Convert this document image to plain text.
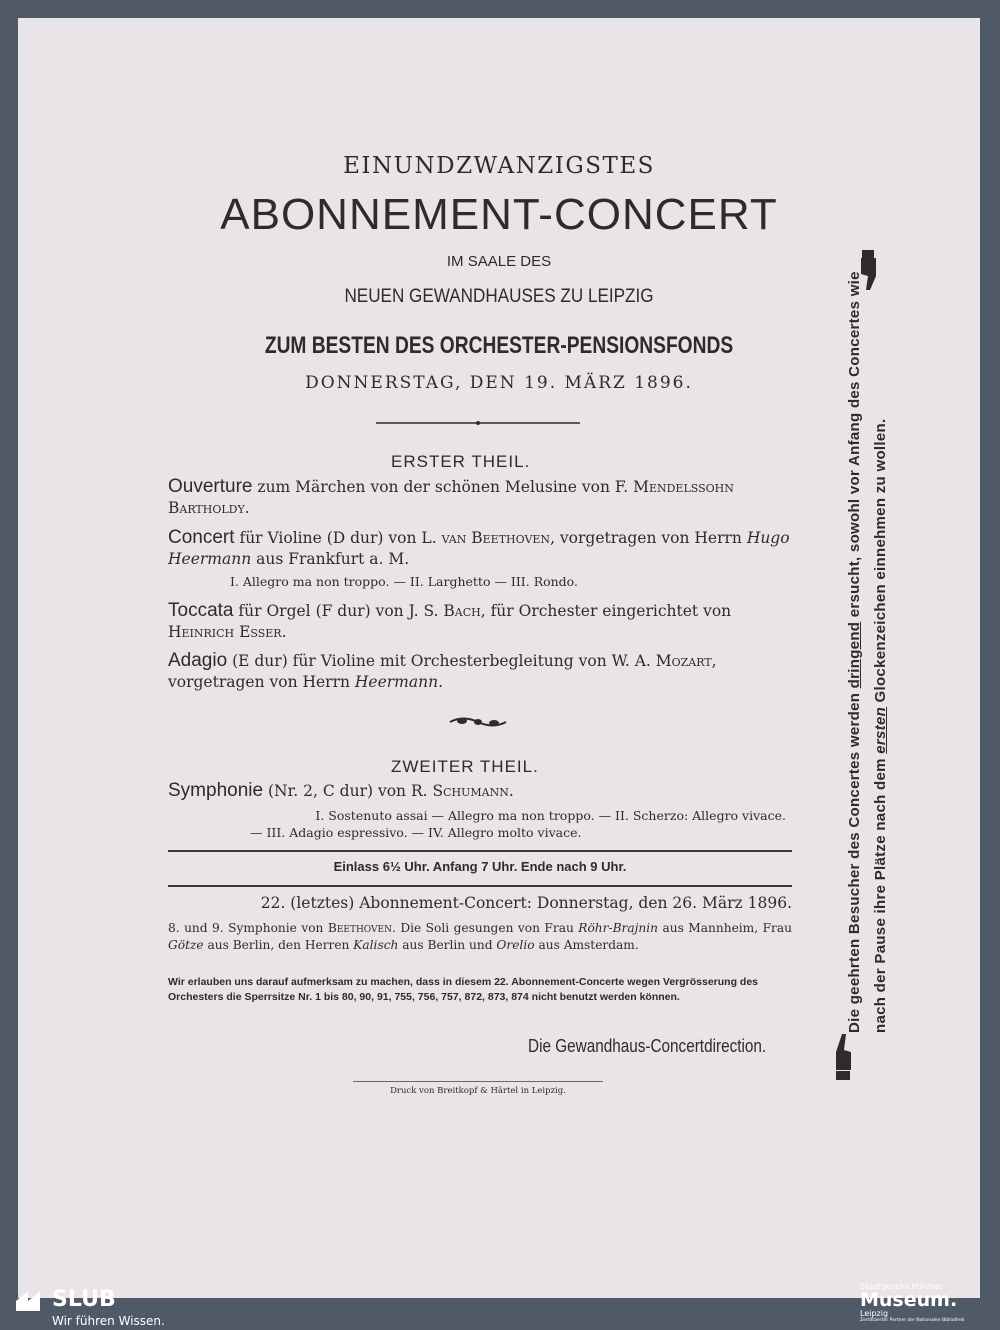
EINUNDZWANZIGSTES
ABONNEMENT-CONCERT
IM SAALE DES
NEUEN GEWANDHAUSES ZU LEIPZIG
ZUM BESTEN DES ORCHESTER-PENSIONSFONDS
DONNERSTAG, DEN 19. MÄRZ 1896.
ERSTER THEIL.
Ouverture zum Märchen von der schönen Melusine von F. Mendelssohn Bartholdy.
Concert für Violine (D dur) von L. van Beethoven, vorgetragen von Herrn Hugo Heermann aus Frankfurt a. M.
I. Allegro ma non troppo. — II. Larghetto — III. Rondo.
Toccata für Orgel (F dur) von J. S. Bach, für Orchester eingerichtet von Heinrich Esser.
Adagio (E dur) für Violine mit Orchesterbegleitung von W. A. Mozart, vorgetragen von Herrn Heermann.
ZWEITER THEIL.
Symphonie (Nr. 2, C dur) von R. Schumann.
I. Sostenuto assai — Allegro ma non troppo. — II. Scherzo: Allegro vivace.
— III. Adagio espressivo. — IV. Allegro molto vivace.
Einlass 6½ Uhr. Anfang 7 Uhr. Ende nach 9 Uhr.
22. (letztes) Abonnement-Concert: Donnerstag, den 26. März 1896.
8. und 9. Symphonie von Beethoven. Die Soli gesungen von Frau Röhr-Brajnin aus Mannheim, Frau Götze aus Berlin, den Herren Kalisch aus Berlin und Orelio aus Amsterdam.
Wir erlauben uns darauf aufmerksam zu machen, dass in diesem 22. Abonnement-Concerte wegen Vergrösserung des Orchesters die Sperrsitze Nr. 1 bis 80, 90, 91, 755, 756, 757, 872, 873, 874 nicht benutzt werden können.
Die Gewandhaus-Concertdirection.
Druck von Breitkopf & Härtel in Leipzig.
Die geehrten Besucher des Concertes werden dringend ersucht, sowohl vor Anfang des Concertes wie
nach der Pause ihre Plätze nach dem ersten Glockenzeichen einnehmen zu wollen.
SLUB
Wir führen Wissen.
Stadtgeschichtliches
Museum.
Leipzig
Zertifizierter Partner der Nationalen Bibliothek
